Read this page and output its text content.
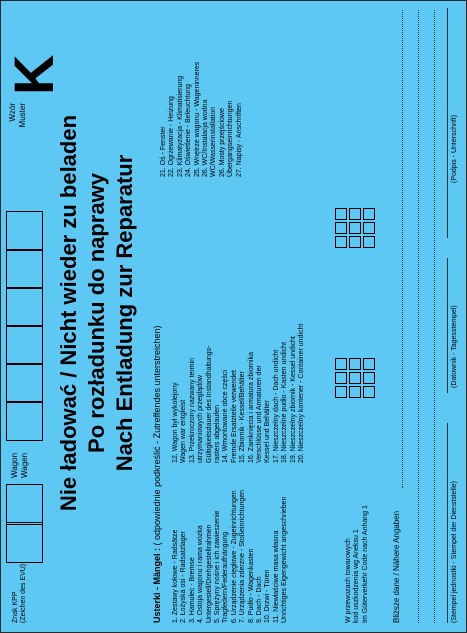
Znak KPP (Zeichen des EVU)
Wagon Wagen
Wzór Muster
K
Nie ładować / Nicht wieder zu beladen Po rozładunku do naprawy Nach Entladung zur Reparatur
Usterki - Mängel : ( odpowiednie podkreślić - Zutreffendes unterstreichen)
1. Zestawy kołowe - Radsätze 2. Łożyska osi - Radsatzlager 3. Hamulec - Bremse 4. Ostoja wagonu i rama wózka Untergestell/Drehgestellrahmen 5. Sprężyny nośne i ich zawieszenie Tragfedern/Federaufhängung 6. Urządzenie cięgłowe - Zugeinrichtungen 7. Urządzenia zderzne - Stoßeinrichtungen 8. Pudło - Wagenkasten 9. Dach - Dach 10. Drzwi - Türen 11. Niewłaściwe masa własna Unrichtiges Eigengewicht angeschrieben
12. Wagon był wykolejony Wagen war entgleist 13. Przekroczony nazwany termin utrzymaniowych przeglądów Gültigkeitsdauer des Instandhaltungs- rasters abgelaufen 14. Wmontowane obce części Fremde Ersatzteile verwendet 15. Zbiornik - Kessel/Behälter 16. Zamknięcia i armatura zbiornika Verschlüsse und Armaturen der Kessel und Behälter 17. Nieszczelny dach - Dach undicht 18. Nieszczelne pudło - Kasten undicht 19. Nieszczelny zbiornik - Kessel undicht 20. Nieszczelny kontener - Container undicht
21. Oś - Fenster 22. Ogrzewanie - Heizung 23. Klimatyzacja - Klimatisierung 24. Oświetlenie - Beleuchtung 25. Wnętrze wagonu - Wageninneres 26. WC/Instalacja wodna WC/Wasserinstallation 26. Mosty przejściowe Übergangseinrichtungen 27. Napisy - Anschriften
W przewozach towarowych kod uszkodzenia wg Aneksu 1 Im Güterverkehr Code nach Anhang 1	Bliższe dane / Nähere Angaben	(Stempel jednostki - Stempel der Dienststelle)
(Datownik - Tagesstempel)
(Podpis - Unterschrift)
